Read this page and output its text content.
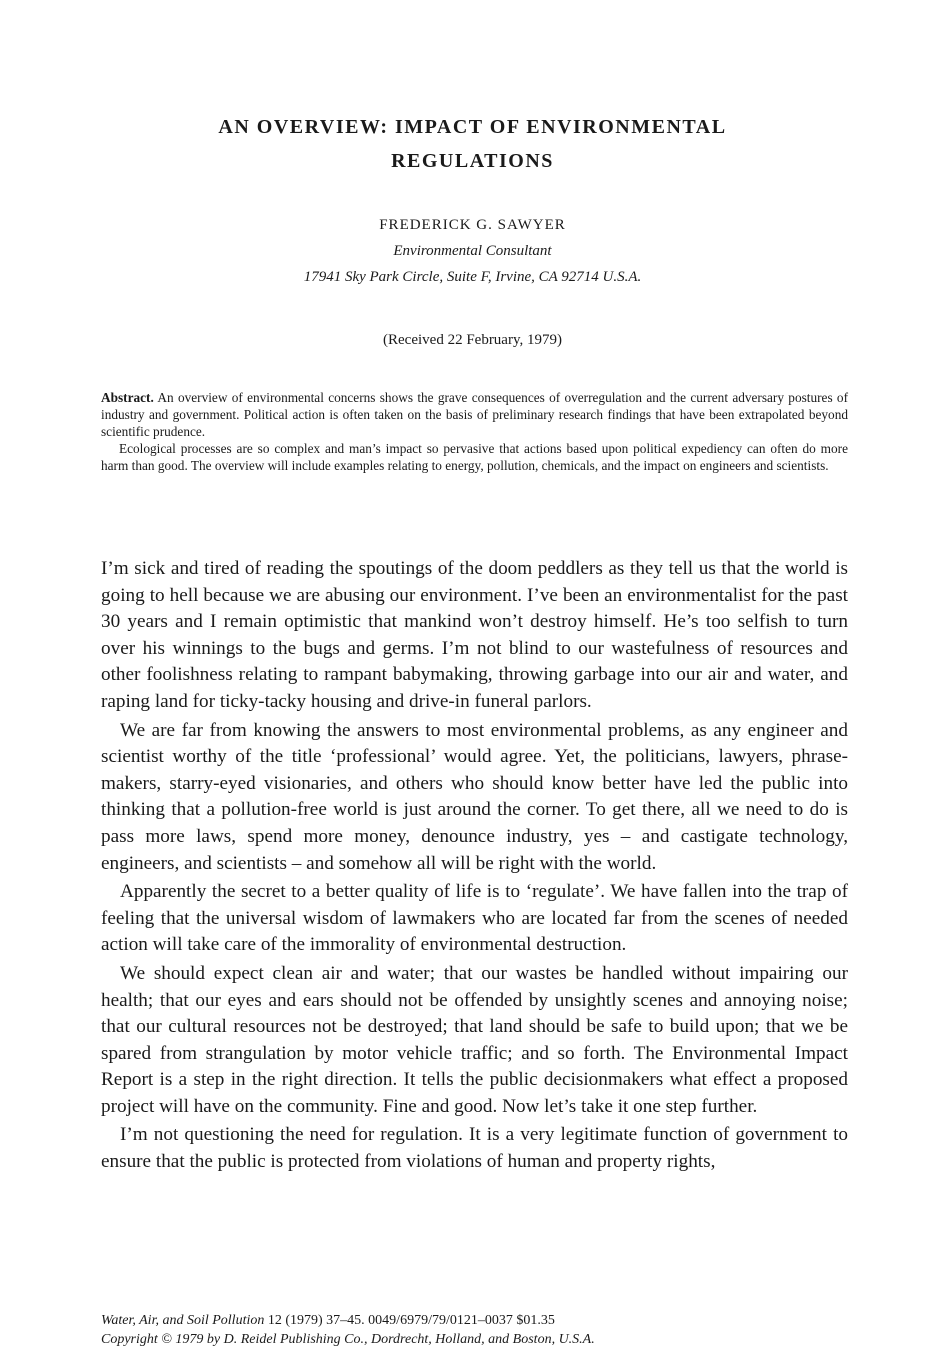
AN OVERVIEW: IMPACT OF ENVIRONMENTAL
REGULATIONS
FREDERICK G. SAWYER
Environmental Consultant
17941 Sky Park Circle, Suite F, Irvine, CA 92714 U.S.A.
(Received 22 February, 1979)

Abstract. An overview of environmental concerns shows the grave consequences of overregulation and the current adversary postures of industry and government. Political action is often taken on the basis of preliminary research findings that have been extrapolated beyond scientific prudence.

Ecological processes are so complex and man’s impact so pervasive that actions based upon political expediency can often do more harm than good. The overview will include examples relating to energy, pollution, chemicals, and the impact on engineers and scientists.

I’m sick and tired of reading the spoutings of the doom peddlers as they tell us that the world is going to hell because we are abusing our environment. I’ve been an environmentalist for the past 30 years and I remain optimistic that mankind won’t destroy himself. He’s too selfish to turn over his winnings to the bugs and germs. I’m not blind to our wastefulness of resources and other foolishness relating to rampant babymaking, throwing garbage into our air and water, and raping land for ticky-tacky housing and drive-in funeral parlors.

We are far from knowing the answers to most environmental problems, as any engineer and scientist worthy of the title ‘professional’ would agree. Yet, the politicians, lawyers, phrase-makers, starry-eyed visionaries, and others who should know better have led the public into thinking that a pollution-free world is just around the corner. To get there, all we need to do is pass more laws, spend more money, denounce industry, yes – and castigate technology, engineers, and scientists – and somehow all will be right with the world.

Apparently the secret to a better quality of life is to ‘regulate’. We have fallen into the trap of feeling that the universal wisdom of lawmakers who are located far from the scenes of needed action will take care of the immorality of environmental destruction.

We should expect clean air and water; that our wastes be handled without impairing our health; that our eyes and ears should not be offended by unsightly scenes and annoying noise; that our cultural resources not be destroyed; that land should be safe to build upon; that we be spared from strangulation by motor vehicle traffic; and so forth. The Environmental Impact Report is a step in the right direction. It tells the public decisionmakers what effect a proposed project will have on the community. Fine and good. Now let’s take it one step further.

I’m not questioning the need for regulation. It is a very legitimate function of government to ensure that the public is protected from violations of human and property rights,

Water, Air, and Soil Pollution 12 (1979) 37–45. 0049/6979/79/0121–0037 $01.35
Copyright © 1979 by D. Reidel Publishing Co., Dordrecht, Holland, and Boston, U.S.A.
